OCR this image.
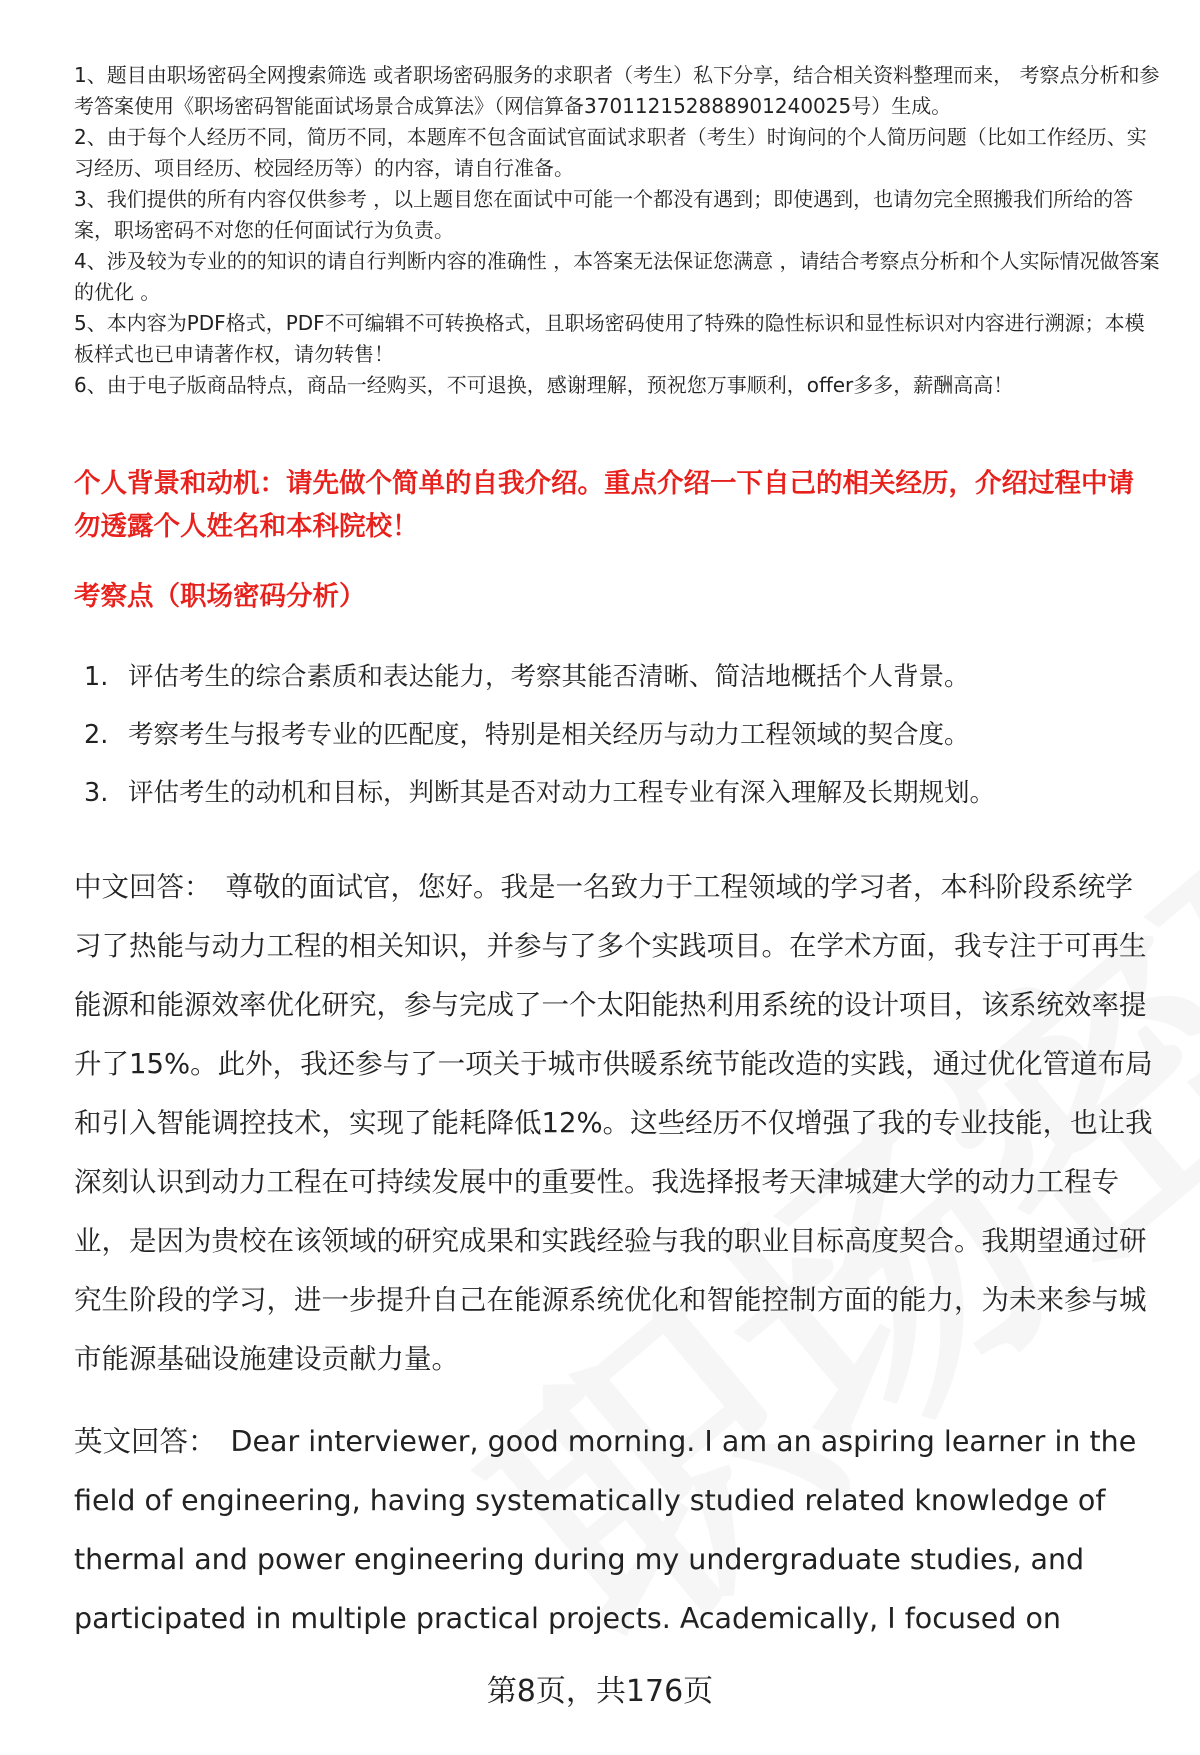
1、题目由职场密码全网搜索筛选 或者职场密码服务的求职者（考生）私下分享，结合相关资料整理而来， 考察点分析和参考答案使用《职场密码智能面试场景合成算法》（网信算备370112152888901240025号）生成。

2、由于每个人经历不同，简历不同，本题库不包含面试官面试求职者（考生）时询问的个人简历问题（比如工作经历、实习经历、项目经历、校园经历等）的内容，请自行准备。

3、我们提供的所有内容仅供参考 ，以上题目您在面试中可能一个都没有遇到；即使遇到，也请勿完全照搬我们所给的答案，职场密码不对您的任何面试行为负责。

4、涉及较为专业的的知识的请自行判断内容的准确性 ，本答案无法保证您满意 ，请结合考察点分析和个人实际情况做答案的优化 。

5、本内容为PDF格式，PDF不可编辑不可转换格式，且职场密码使用了特殊的隐性标识和显性标识对内容进行溯源；本模板样式也已申请著作权，请勿转售！

6、由于电子版商品特点，商品一经购买，不可退换，感谢理解，预祝您万事顺利，offer多多，薪酬高高！

个人背景和动机：请先做个简单的自我介绍。重点介绍一下自己的相关经历，介绍过程中请勿透露个人姓名和本科院校！
考察点（职场密码分析）
1. 评估考生的综合素质和表达能力，考察其能否清晰、简洁地概括个人背景。
2. 考察考生与报考专业的匹配度，特别是相关经历与动力工程领域的契合度。
3. 评估考生的动机和目标，判断其是否对动力工程专业有深入理解及长期规划。

中文回答： 尊敬的面试官，您好。我是一名致力于工程领域的学习者，本科阶段系统学习了热能与动力工程的相关知识，并参与了多个实践项目。在学术方面，我专注于可再生能源和能源效率优化研究，参与完成了一个太阳能热利用系统的设计项目，该系统效率提升了15%。此外，我还参与了一项关于城市供暖系统节能改造的实践，通过优化管道布局和引入智能调控技术，实现了能耗降低12%。这些经历不仅增强了我的专业技能，也让我深刻认识到动力工程在可持续发展中的重要性。我选择报考天津城建大学的动力工程专业，是因为贵校在该领域的研究成果和实践经验与我的职业目标高度契合。我期望通过研究生阶段的学习，进一步提升自己在能源系统优化和智能控制方面的能力，为未来参与城市能源基础设施建设贡献力量。

英文回答： Dear interviewer, good morning. I am an aspiring learner in the field of engineering, having systematically studied related knowledge of thermal and power engineering during my undergraduate studies, and participated in multiple practical projects. Academically, I focused on

第8页，共176页
